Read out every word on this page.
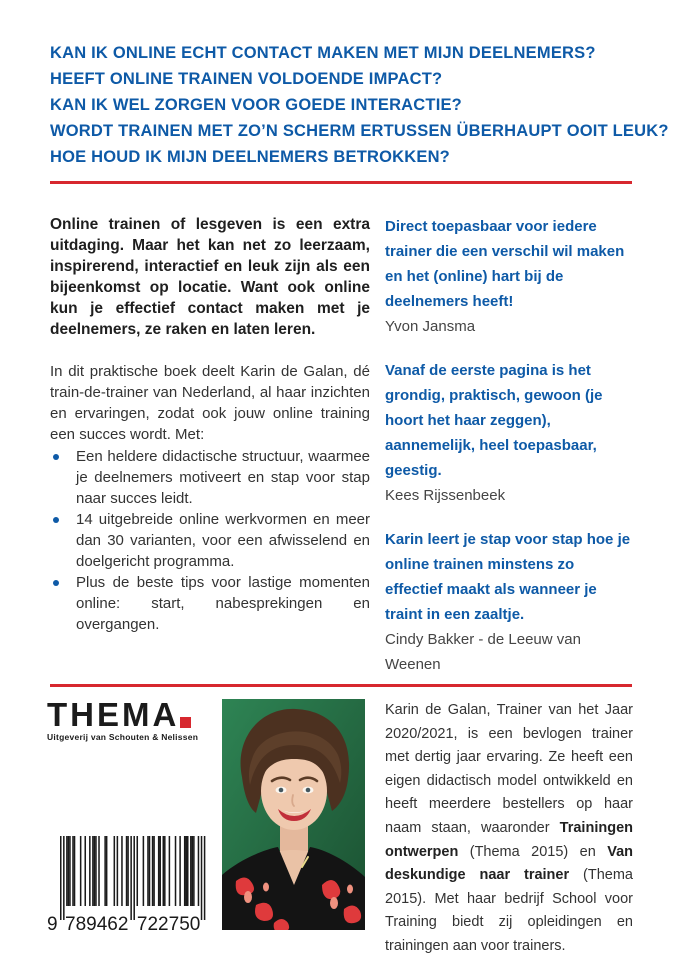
KAN IK ONLINE ECHT CONTACT MAKEN MET MIJN DEELNEMERS?
HEEFT ONLINE TRAINEN VOLDOENDE IMPACT?
KAN IK WEL ZORGEN VOOR GOEDE INTERACTIE?
WORDT TRAINEN MET ZO’N SCHERM ERTUSSEN ÜBERHAUPT OOIT LEUK?
HOE HOUD IK MIJN DEELNEMERS BETROKKEN?

Online trainen of lesgeven is een extra uitdaging. Maar het kan net zo leerzaam, inspirerend, interactief en leuk zijn als een bijeenkomst op locatie. Want ook online kun je effectief contact maken met je deelnemers, ze raken en laten leren.

In dit praktische boek deelt Karin de Galan, dé train-de-trainer van Nederland, al haar inzichten en ervaringen, zodat ook jouw online training een succes wordt. Met:

Een heldere didactische structuur, waarmee je deelnemers motiveert en stap voor stap naar succes leidt.
14 uitgebreide online werkvormen en meer dan 30 varianten, voor een afwisselend en doelgericht programma.
Plus de beste tips voor lastige momenten online: start, nabesprekingen en overgangen.

Direct toepasbaar voor iedere trainer die een verschil wil maken en het (online) hart bij de deelnemers heeft!

Yvon Jansma

Vanaf de eerste pagina is het grondig, praktisch, gewoon (je hoort het haar zeggen), aannemelijk, heel toepasbaar, geestig.

Kees Rijssenbeek

Karin leert je stap voor stap hoe je online trainen minstens zo effectief maakt als wanneer je traint in een zaaltje.

Cindy Bakker - de Leeuw van Weenen

THEMA
Uitgeverij van Schouten & Nelissen
9 789462 722750
Karin de Galan, Trainer van het Jaar 2020/2021, is een bevlogen trainer met dertig jaar ervaring. Ze heeft een eigen didactisch model ontwikkeld en heeft meerdere bestellers op haar naam staan, waaronder Trainingen ontwerpen (Thema 2015) en Van deskundige naar trainer (Thema 2015). Met haar bedrijf School voor Training biedt zij opleidingen en trainingen aan voor trainers.
